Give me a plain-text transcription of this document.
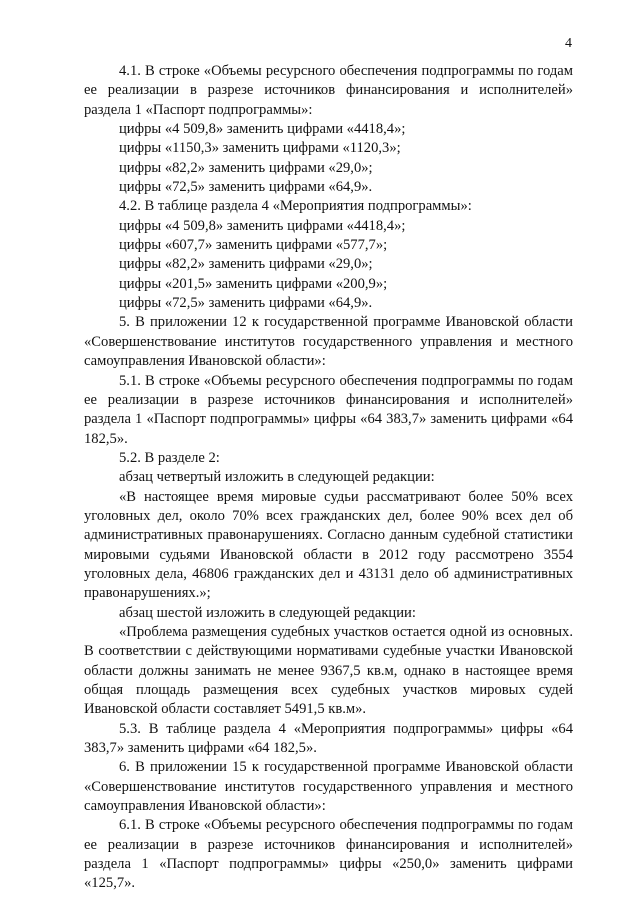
4

4.1. В строке «Объемы ресурсного обеспечения подпрограммы по годам ее реализации в разрезе источников финансирования и исполнителей» раздела 1 «Паспорт подпрограммы»:

цифры «4 509,8» заменить цифрами «4418,4»;

цифры «1150,3» заменить цифрами «1120,3»;

цифры «82,2» заменить цифрами «29,0»;

цифры «72,5» заменить цифрами «64,9».

4.2. В таблице раздела 4 «Мероприятия подпрограммы»:

цифры «4 509,8» заменить цифрами «4418,4»;

цифры «607,7» заменить цифрами «577,7»;

цифры «82,2» заменить цифрами «29,0»;

цифры «201,5» заменить цифрами «200,9»;

цифры «72,5» заменить цифрами «64,9».

5. В приложении 12 к государственной программе Ивановской области «Совершенствование институтов государственного управления и местного самоуправления Ивановской области»:

5.1. В строке «Объемы ресурсного обеспечения подпрограммы по годам ее реализации в разрезе источников финансирования и исполнителей» раздела 1 «Паспорт подпрограммы» цифры «64 383,7» заменить цифрами «64 182,5».

5.2. В разделе 2:

абзац четвертый изложить в следующей редакции:

«В настоящее время мировые судьи рассматривают более 50% всех уголовных дел, около 70% всех гражданских дел, более 90% всех дел об административных правонарушениях. Согласно данным судебной статистики мировыми судьями Ивановской области в 2012 году рассмотрено 3554 уголовных дела, 46806 гражданских дел и 43131 дело об административных правонарушениях.»;

абзац шестой изложить в следующей редакции:

«Проблема размещения судебных участков остается одной из основных. В соответствии с действующими нормативами судебные участки Ивановской области должны занимать не менее 9367,5 кв.м, однако в настоящее время общая площадь размещения всех судебных участков мировых судей Ивановской области составляет 5491,5 кв.м».

5.3. В таблице раздела 4 «Мероприятия подпрограммы» цифры «64 383,7» заменить цифрами «64 182,5».

6. В приложении 15 к государственной программе Ивановской области «Совершенствование институтов государственного управления и местного самоуправления Ивановской области»:

6.1. В строке «Объемы ресурсного обеспечения подпрограммы по годам ее реализации в разрезе источников финансирования и исполнителей» раздела 1 «Паспорт подпрограммы» цифры «250,0» заменить цифрами «125,7».
